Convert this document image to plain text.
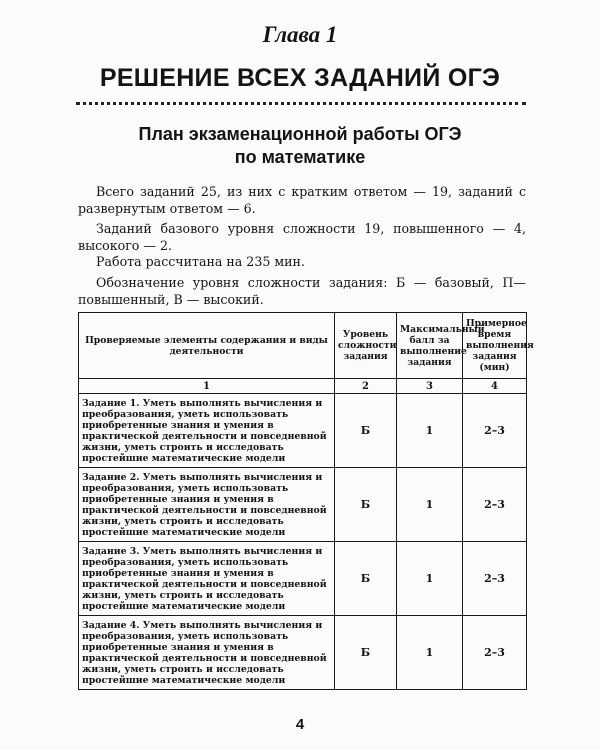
Глава 1
РЕШЕНИЕ ВСЕХ ЗАДАНИЙ ОГЭ
План экзаменационной работы ОГЭ
по математике
Всего заданий 25, из них с кратким ответом — 19, заданий с развернутым ответом — 6.
Заданий базового уровня сложности 19, повышенного — 4, высокого — 2.
Работа рассчитана на 235 мин.
Обозначение уровня сложности задания: Б — базовый, П— повышенный, В — высокий.
Проверяемые элементы содержания и виды деятельности	Уровень сложности задания	Максимальный балл за выполнение задания	Примерное время выполнения задания (мин)
1	2	3	4
Задание 1. Уметь выполнять вычисления и преобразования, уметь использовать приобретенные знания и умения в практической деятельности и повседневной жизни, уметь строить и исследовать простейшие математические модели	Б	1	2–3
Задание 2. Уметь выполнять вычисления и преобразования, уметь использовать приобретенные знания и умения в практической деятельности и повседневной жизни, уметь строить и исследовать простейшие математические модели	Б	1	2–3
Задание 3. Уметь выполнять вычисления и преобразования, уметь использовать приобретенные знания и умения в практической деятельности и повседневной жизни, уметь строить и исследовать простейшие математические модели	Б	1	2–3
Задание 4. Уметь выполнять вычисления и преобразования, уметь использовать приобретенные знания и умения в практической деятельности и повседневной жизни, уметь строить и исследовать простейшие математические модели	Б	1	2–3
4
